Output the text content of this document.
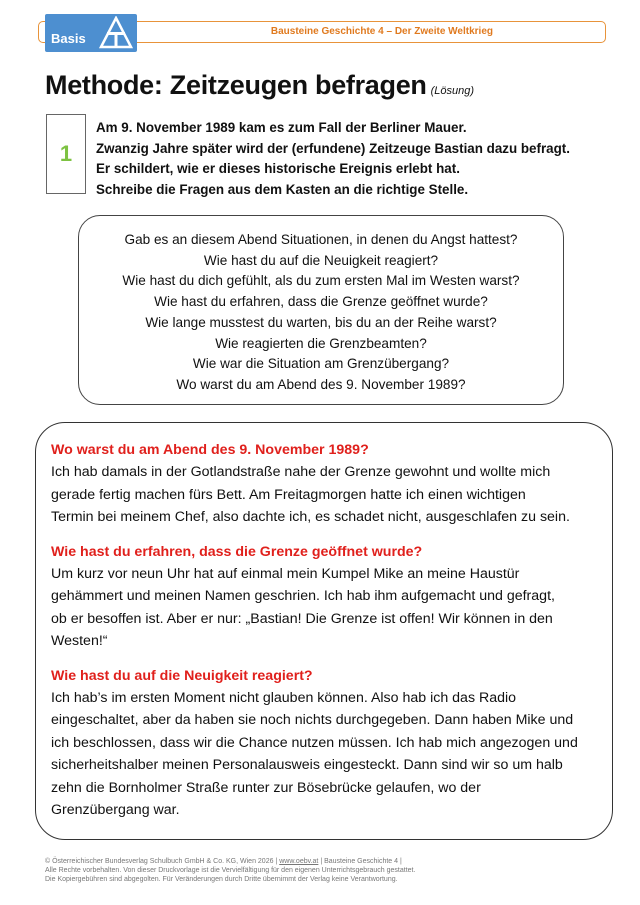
Bausteine Geschichte 4 – Der Zweite Weltkrieg
Basis
Methode: Zeitzeugen befragen (Lösung)
1
Am 9. November 1989 kam es zum Fall der Berliner Mauer.
Zwanzig Jahre später wird der (erfundene) Zeitzeuge Bastian dazu befragt.
Er schildert, wie er dieses historische Ereignis erlebt hat.
Schreibe die Fragen aus dem Kasten an die richtige Stelle.
Gab es an diesem Abend Situationen, in denen du Angst hattest?
Wie hast du auf die Neuigkeit reagiert?
Wie hast du dich gefühlt, als du zum ersten Mal im Westen warst?
Wie hast du erfahren, dass die Grenze geöffnet wurde?
Wie lange musstest du warten, bis du an der Reihe warst?
Wie reagierten die Grenzbeamten?
Wie war die Situation am Grenzübergang?
Wo warst du am Abend des 9. November 1989?
Wo warst du am Abend des 9. November 1989?
Ich hab damals in der Gotlandstraße nahe der Grenze gewohnt und wollte mich
gerade fertig machen fürs Bett. Am Freitagmorgen hatte ich einen wichtigen
Termin bei meinem Chef, also dachte ich, es schadet nicht, ausgeschlafen zu sein.
Wie hast du erfahren, dass die Grenze geöffnet wurde?
Um kurz vor neun Uhr hat auf einmal mein Kumpel Mike an meine Haustür
gehämmert und meinen Namen geschrien. Ich hab ihm aufgemacht und gefragt,
ob er besoffen ist. Aber er nur: „Bastian! Die Grenze ist offen! Wir können in den
Westen!“
Wie hast du auf die Neuigkeit reagiert?
Ich hab’s im ersten Moment nicht glauben können. Also hab ich das Radio
eingeschaltet, aber da haben sie noch nichts durchgegeben. Dann haben Mike und
ich beschlossen, dass wir die Chance nutzen müssen. Ich hab mich angezogen und
sicherheitshalber meinen Personalausweis eingesteckt. Dann sind wir so um halb
zehn die Bornholmer Straße runter zur Bösebrücke gelaufen, wo der
Grenzübergang war.
© Österreichischer Bundesverlag Schulbuch GmbH & Co. KG, Wien 2026 | www.oebv.at | Bausteine Geschichte 4 |
Alle Rechte vorbehalten. Von dieser Druckvorlage ist die Vervielfältigung für den eigenen Unterrichtsgebrauch gestattet.
Die Kopiergebühren sind abgegolten. Für Veränderungen durch Dritte übernimmt der Verlag keine Verantwortung.
